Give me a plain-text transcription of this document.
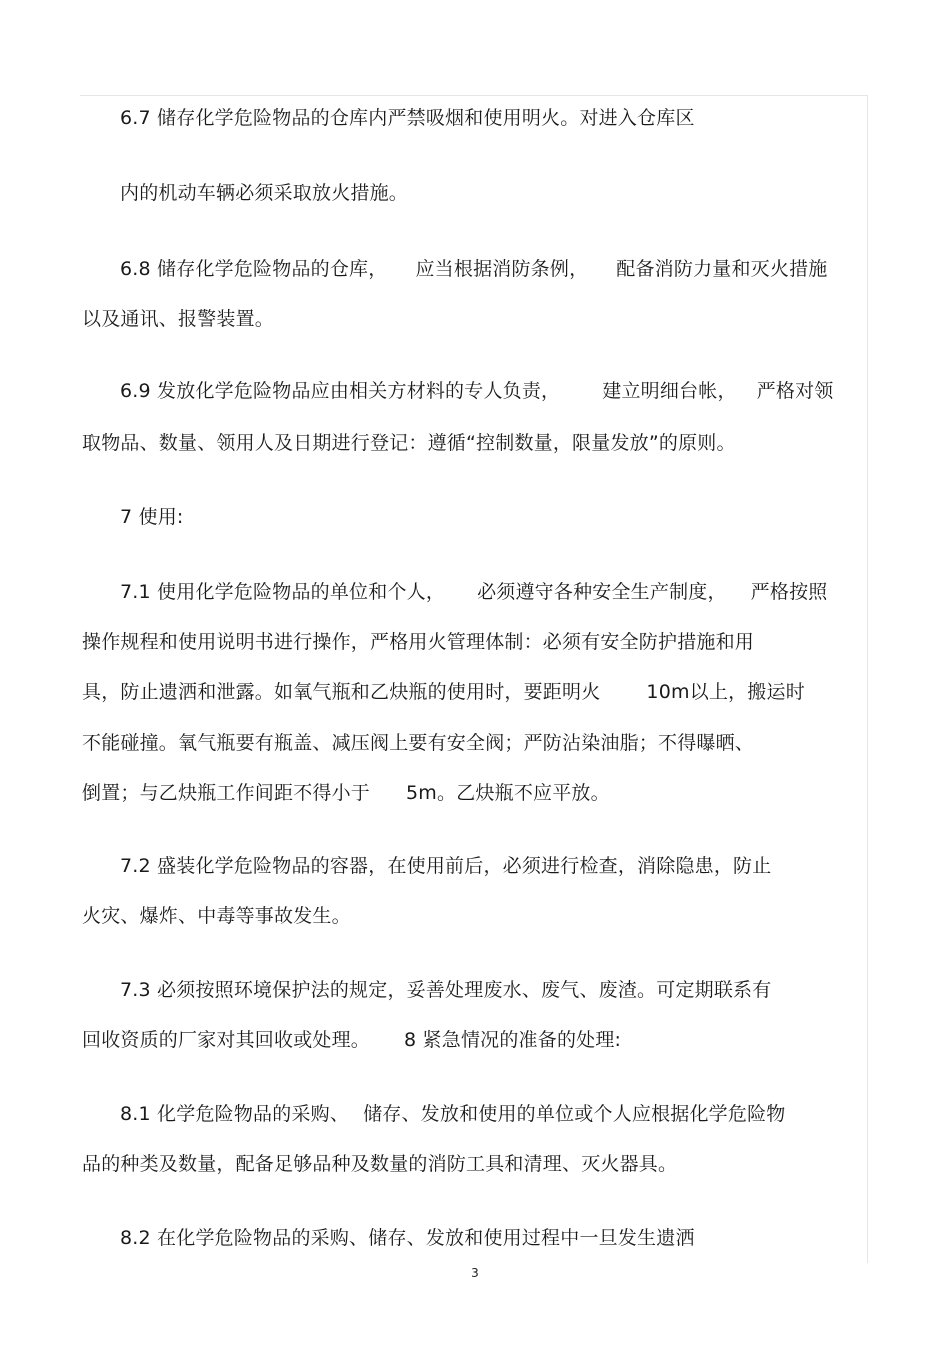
6.7 储存化学危险物品的仓库内严禁吸烟和使用明火。对进入仓库区
内的机动车辆必须采取放火措施。
6.8 储存化学危险物品的仓库， 应当根据消防条例， 配备消防力量和灭火措施
以及通讯、报警装置。
6.9 发放化学危险物品应由相关方材料的专人负责， 建立明细台帐， 严格对领
取物品、数量、领用人及日期进行登记：遵循“控制数量，限量发放”的原则。
7 使用:
7.1 使用化学危险物品的单位和个人， 必须遵守各种安全生产制度， 严格按照
操作规程和使用说明书进行操作，严格用火管理体制：必须有安全防护措施和用
具，防止遗洒和泄露。如氧气瓶和乙炔瓶的使用时，要距明火 10m以上，搬运时
不能碰撞。氧气瓶要有瓶盖、减压阀上要有安全阀；严防沾染油脂；不得曝晒、
倒置；与乙炔瓶工作间距不得小于 5m。乙炔瓶不应平放。
7.2 盛装化学危险物品的容器，在使用前后，必须进行检查，消除隐患，防止
火灾、爆炸、中毒等事故发生。
7.3 必须按照环境保护法的规定，妥善处理废水、废气、废渣。可定期联系有
回收资质的厂家对其回收或处理。 8 紧急情况的准备的处理:
8.1 化学危险物品的采购、 储存、发放和使用的单位或个人应根据化学危险物
品的种类及数量，配备足够品种及数量的消防工具和清理、灭火器具。
8.2 在化学危险物品的采购、储存、发放和使用过程中一旦发生遗洒
3
